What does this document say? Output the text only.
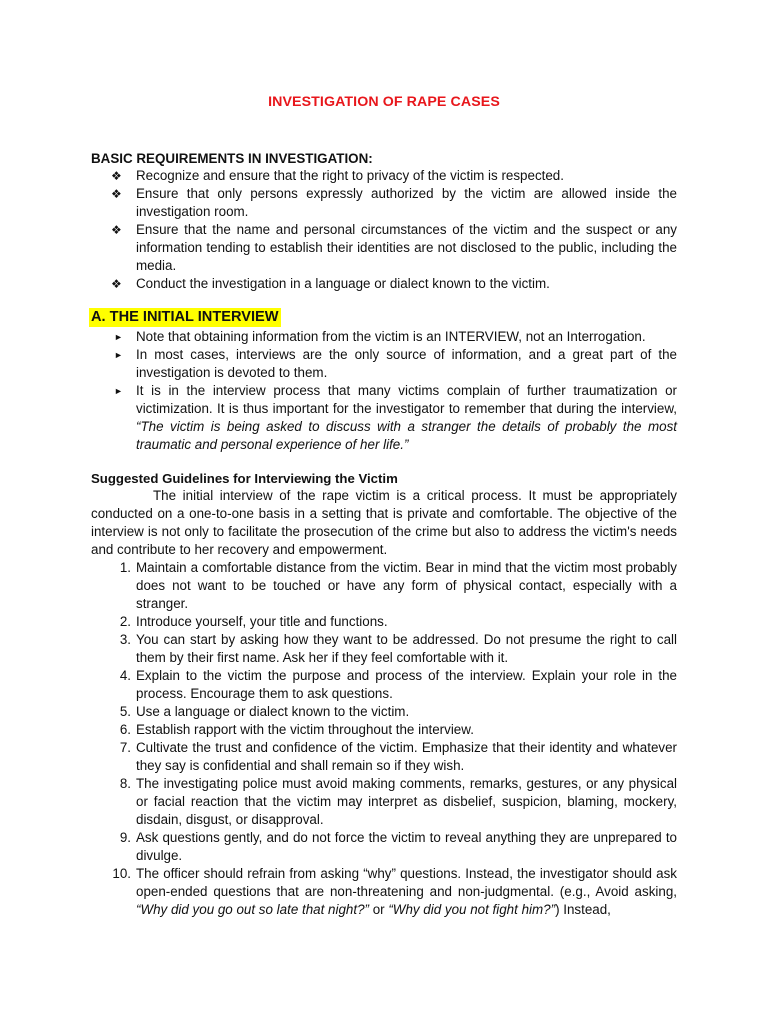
INVESTIGATION OF RAPE CASES
BASIC REQUIREMENTS IN INVESTIGATION:
❖	Recognize and ensure that the right to privacy of the victim is respected.
❖	Ensure that only persons expressly authorized by the victim are allowed inside the investigation room.
❖	Ensure that the name and personal circumstances of the victim and the suspect or any information tending to establish their identities are not disclosed to the public, including the media.
❖	Conduct the investigation in a language or dialect known to the victim.
A. THE INITIAL INTERVIEW
► Note that obtaining information from the victim is an INTERVIEW, not an Interrogation.
► In most cases, interviews are the only source of information, and a great part of the investigation is devoted to them.
► It is in the interview process that many victims complain of further traumatization or victimization. It is thus important for the investigator to remember that during the interview, “The victim is being asked to discuss with a stranger the details of probably the most traumatic and personal experience of her life.”
Suggested Guidelines for Interviewing the Victim
The initial interview of the rape victim is a critical process. It must be appropriately conducted on a one-to-one basis in a setting that is private and comfortable. The objective of the interview is not only to facilitate the prosecution of the crime but also to address the victim's needs and contribute to her recovery and empowerment.
1. Maintain a comfortable distance from the victim. Bear in mind that the victim most probably does not want to be touched or have any form of physical contact, especially with a stranger.
2. Introduce yourself, your title and functions.
3. You can start by asking how they want to be addressed. Do not presume the right to call them by their first name. Ask her if they feel comfortable with it.
4. Explain to the victim the purpose and process of the interview. Explain your role in the process. Encourage them to ask questions.
5. Use a language or dialect known to the victim.
6. Establish rapport with the victim throughout the interview.
7. Cultivate the trust and confidence of the victim. Emphasize that their identity and whatever they say is confidential and shall remain so if they wish.
8. The investigating police must avoid making comments, remarks, gestures, or any physical or facial reaction that the victim may interpret as disbelief, suspicion, blaming, mockery, disdain, disgust, or disapproval.
9. Ask questions gently, and do not force the victim to reveal anything they are unprepared to divulge.
10. The officer should refrain from asking “why” questions. Instead, the investigator should ask open-ended questions that are non-threatening and non-judgmental. (e.g., Avoid asking, “Why did you go out so late that night?” or “Why did you not fight him?”) Instead,
